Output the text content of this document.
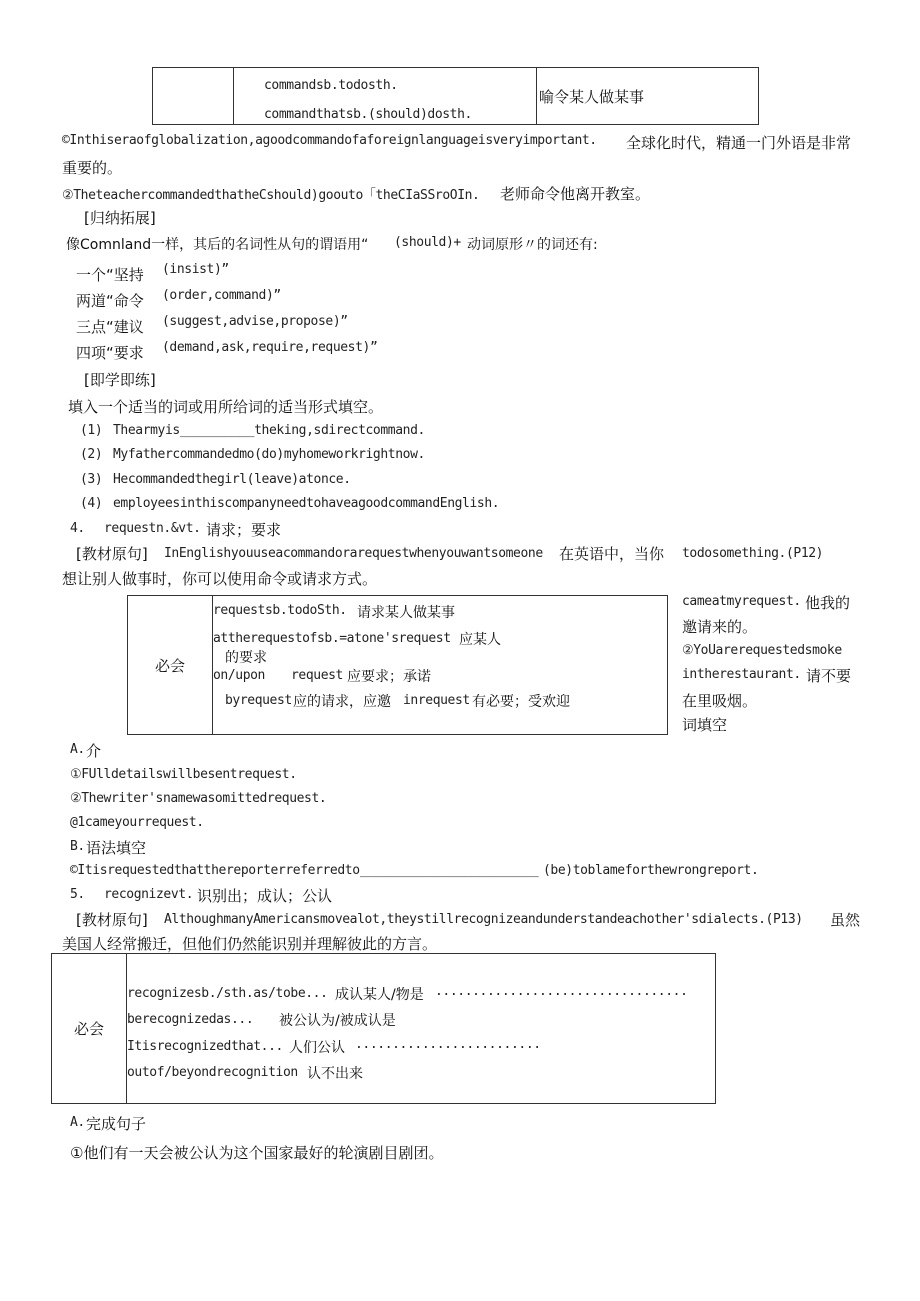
commandsb.todosth.
commandthatsb.(should)dosth.
	喻令某人做某事
©Inthiseraofglobalization,agoodcommandofaforeignlanguageisveryimportant. 全球化时代，精通一门外语是非常
重要的。
②TheteachercommandedthatheCshould)goouto「theCIaSSroOIn. 老师命令他离开教室。
[归纳拓展]
像Comnland一样，其后的名词性从句的谓语用“ (should)+ 动词原形〃的词还有:
一个“坚持 (insist)”
两道“命令 (order,command)”
三点“建议 (suggest,advise,propose)”
四项“要求 (demand,ask,require,request)”
[即学即练]
填入一个适当的词或用所给词的适当形式填空。
(1) Thearmyis__________theking,sdirectcommand.
(2) Myfathercommandedmo(do)myhomeworkrightnow.
(3) Hecommandedthegirl(leave)atonce.
(4) employeesinthiscompanyneedtohaveagoodcommandEnglish.
4. requestn.&vt. 请求；要求
[教材原句] InEnglishyouuseacommandorarequestwhenyouwantsomeone 在英语中，当你 todosomething.(P12)
想让别人做事时，你可以使用命令或请求方式。
必会	
requestsb.todoSth. 请求某人做某事
attherequestofsb.=atone'srequest 应某人
的要求
on/upon request 应要求；承诺
byrequest 应的请求，应邀 inrequest 有必要；受欢迎
cameatmyrequest. 他我的
邀请来的。
②YoUarerequestedsmoke
intherestaurant. 请不要
在里吸烟。
词填空
A. 介
①FUlldetailswillbesentrequest.
②Thewriter'snamewasomittedrequest.
@1cameyourrequest.
B. 语法填空
©Itisrequestedthatthereporterreferredto ________________________ (be)toblameforthewrongreport.
5. recognizevt. 识别出；成认；公认
[教材原句] AlthoughmanyAmericansmovealot,theystillrecognizeandunderstandeachother'sdialects.(P13) 虽然
美国人经常搬迁，但他们仍然能识别并理解彼此的方言。
必会	
recognizesb./sth.as/tobe... 成认某人/物是 ..................................
berecognizedas... 被公认为/被成认是
Itisrecognizedthat... 人们公认 .........................
outof/beyondrecognition 认不出来
A. 完成句子
①他们有一天会被公认为这个国家最好的轮演剧目剧团。
